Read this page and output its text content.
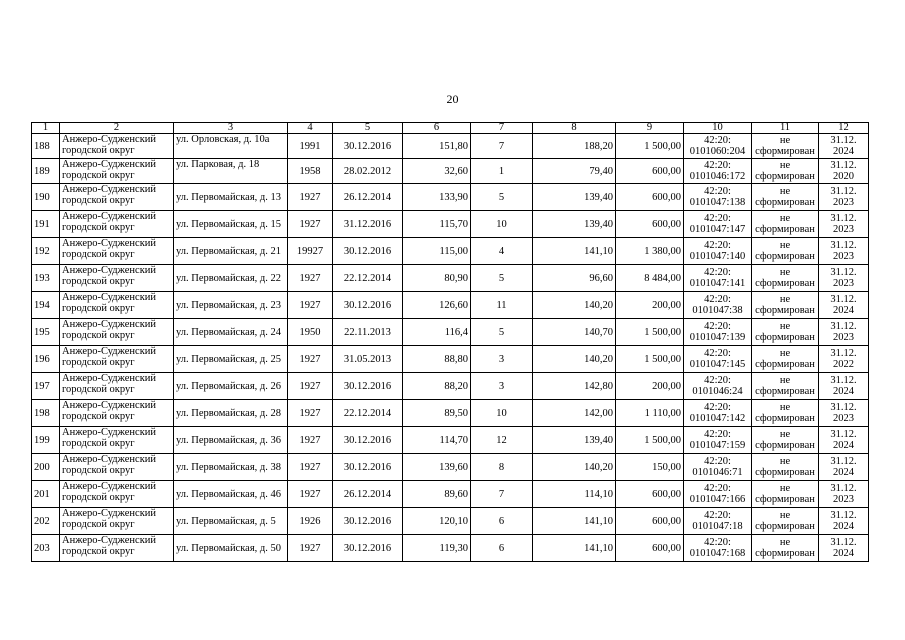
20
1	2	3	4	5	6	7	8	9	10	11	12
188	Анжеро-Судженский городской округ	ул. Орловская, д. 10а	1991	30.12.2016	151,80	7	188,20	1 500,00	42:20: 0101060:204	не сформирован	31.12. 2024
189	Анжеро-Судженский городской округ	ул. Парковая, д. 18	1958	28.02.2012	32,60	1	79,40	600,00	42:20: 0101046:172	не сформирован	31.12. 2020
190	Анжеро-Судженский городской округ	ул. Первомайская, д. 13	1927	26.12.2014	133,90	5	139,40	600,00	42:20: 0101047:138	не сформирован	31.12. 2023
191	Анжеро-Судженский городской округ	ул. Первомайская, д. 15	1927	31.12.2016	115,70	10	139,40	600,00	42:20: 0101047:147	не сформирован	31.12. 2023
192	Анжеро-Судженский городской округ	ул. Первомайская, д. 21	19927	30.12.2016	115,00	4	141,10	1 380,00	42:20: 0101047:140	не сформирован	31.12. 2023
193	Анжеро-Судженский городской округ	ул. Первомайская, д. 22	1927	22.12.2014	80,90	5	96,60	8 484,00	42:20: 0101047:141	не сформирован	31.12. 2023
194	Анжеро-Судженский городской округ	ул. Первомайская, д. 23	1927	30.12.2016	126,60	11	140,20	200,00	42:20: 0101047:38	не сформирован	31.12. 2024
195	Анжеро-Судженский городской округ	ул. Первомайская, д. 24	1950	22.11.2013	116,4	5	140,70	1 500,00	42:20: 0101047:139	не сформирован	31.12. 2023
196	Анжеро-Судженский городской округ	ул. Первомайская, д. 25	1927	31.05.2013	88,80	3	140,20	1 500,00	42:20: 0101047:145	не сформирован	31.12. 2022
197	Анжеро-Судженский городской округ	ул. Первомайская, д. 26	1927	30.12.2016	88,20	3	142,80	200,00	42:20: 0101046:24	не сформирован	31.12. 2024
198	Анжеро-Судженский городской округ	ул. Первомайская, д. 28	1927	22.12.2014	89,50	10	142,00	1 110,00	42:20: 0101047:142	не сформирован	31.12. 2023
199	Анжеро-Судженский городской округ	ул. Первомайская, д. 36	1927	30.12.2016	114,70	12	139,40	1 500,00	42:20: 0101047:159	не сформирован	31.12. 2024
200	Анжеро-Судженский городской округ	ул. Первомайская, д. 38	1927	30.12.2016	139,60	8	140,20	150,00	42:20: 0101046:71	не сформирован	31.12. 2024
201	Анжеро-Судженский городской округ	ул. Первомайская, д. 46	1927	26.12.2014	89,60	7	114,10	600,00	42:20: 0101047:166	не сформирован	31.12. 2023
202	Анжеро-Судженский городской округ	ул. Первомайская, д. 5	1926	30.12.2016	120,10	6	141,10	600,00	42:20: 0101047:18	не сформирован	31.12. 2024
203	Анжеро-Судженский городской округ	ул. Первомайская, д. 50	1927	30.12.2016	119,30	6	141,10	600,00	42:20: 0101047:168	не сформирован	31.12. 2024
